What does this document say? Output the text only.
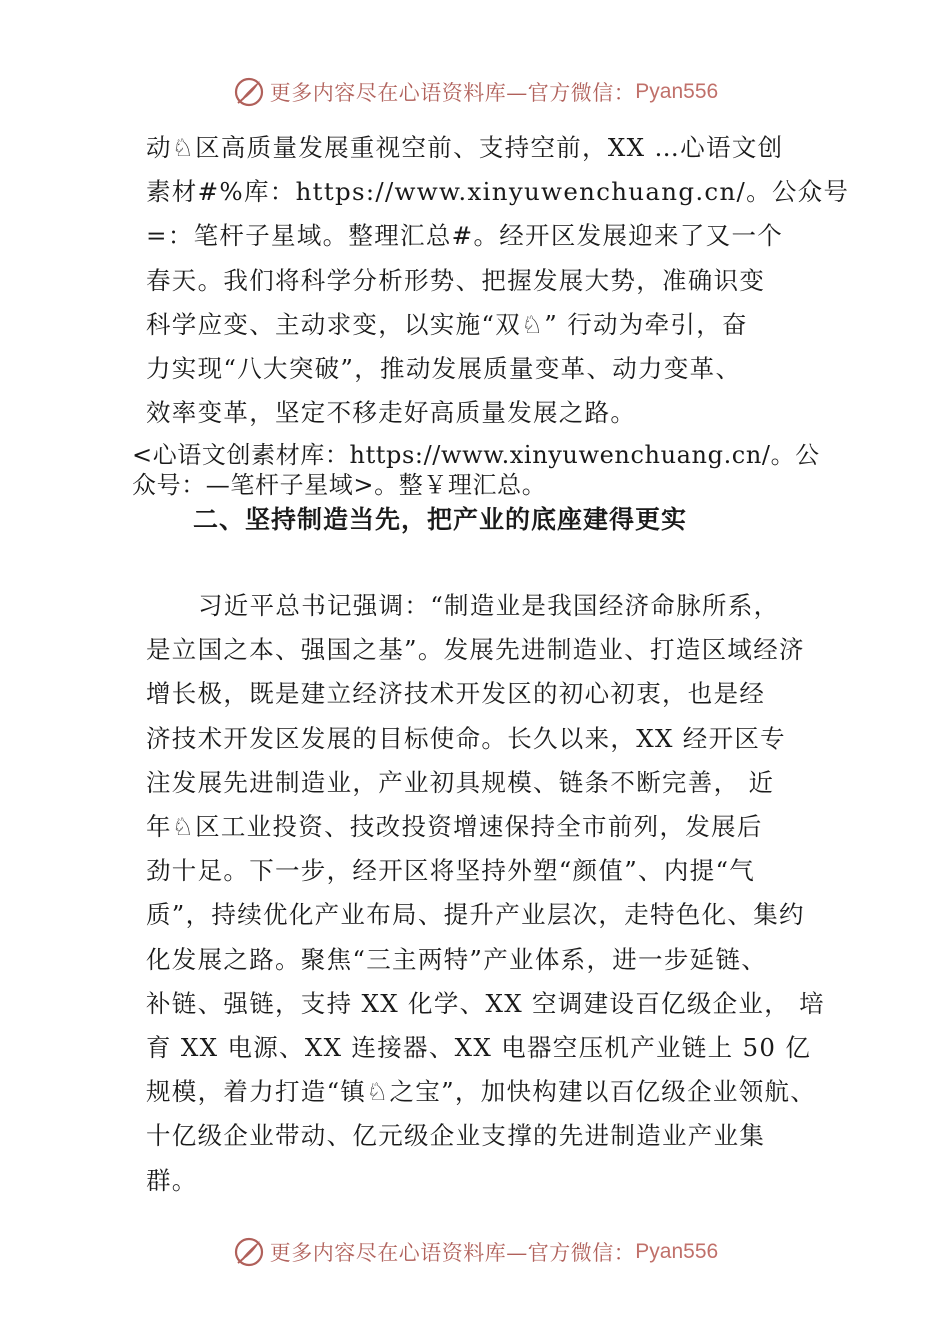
更多内容尽在心语资料库—官方微信： Pyan556
动♘区高质量发展重视空前、支持空前，XX …心语文创
素材#%库：https://www.xinyuwenchuang.cn/。公众号
=：笔杆子星域。整理汇总#。经开区发展迎来了又一个
春天。我们将科学分析形势、把握发展大势，准确识变
科学应变、主动求变，以实施“双♘” 行动为牵引，奋
力实现“八大突破”，推动发展质量变革、动力变革、
效率变革，坚定不移走好高质量发展之路。
<心语文创素材库：https://www.xinyuwenchuang.cn/。公
众号：—笔杆子星域>。整￥理汇总。
二、坚持制造当先，把产业的底座建得更实
习近平总书记强调：“制造业是我国经济命脉所系，
是立国之本、强国之基”。发展先进制造业、打造区域经济
增长极，既是建立经济技术开发区的初心初衷，也是经
济技术开发区发展的目标使命。长久以来，XX 经开区专
注发展先进制造业，产业初具规模、链条不断完善， 近
年♘区工业投资、技改投资增速保持全市前列，发展后
劲十足。下一步，经开区将坚持外塑“颜值”、内提“气
质”，持续优化产业布局、提升产业层次，走特色化、集约
化发展之路。聚焦“三主两特”产业体系，进一步延链、
补链、强链，支持 XX 化学、XX 空调建设百亿级企业， 培
育 XX 电源、XX 连接器、XX 电器空压机产业链上 50 亿
规模，着力打造“镇♘之宝”，加快构建以百亿级企业领航、
十亿级企业带动、亿元级企业支撑的先进制造业产业集
群。
更多内容尽在心语资料库—官方微信： Pyan556
